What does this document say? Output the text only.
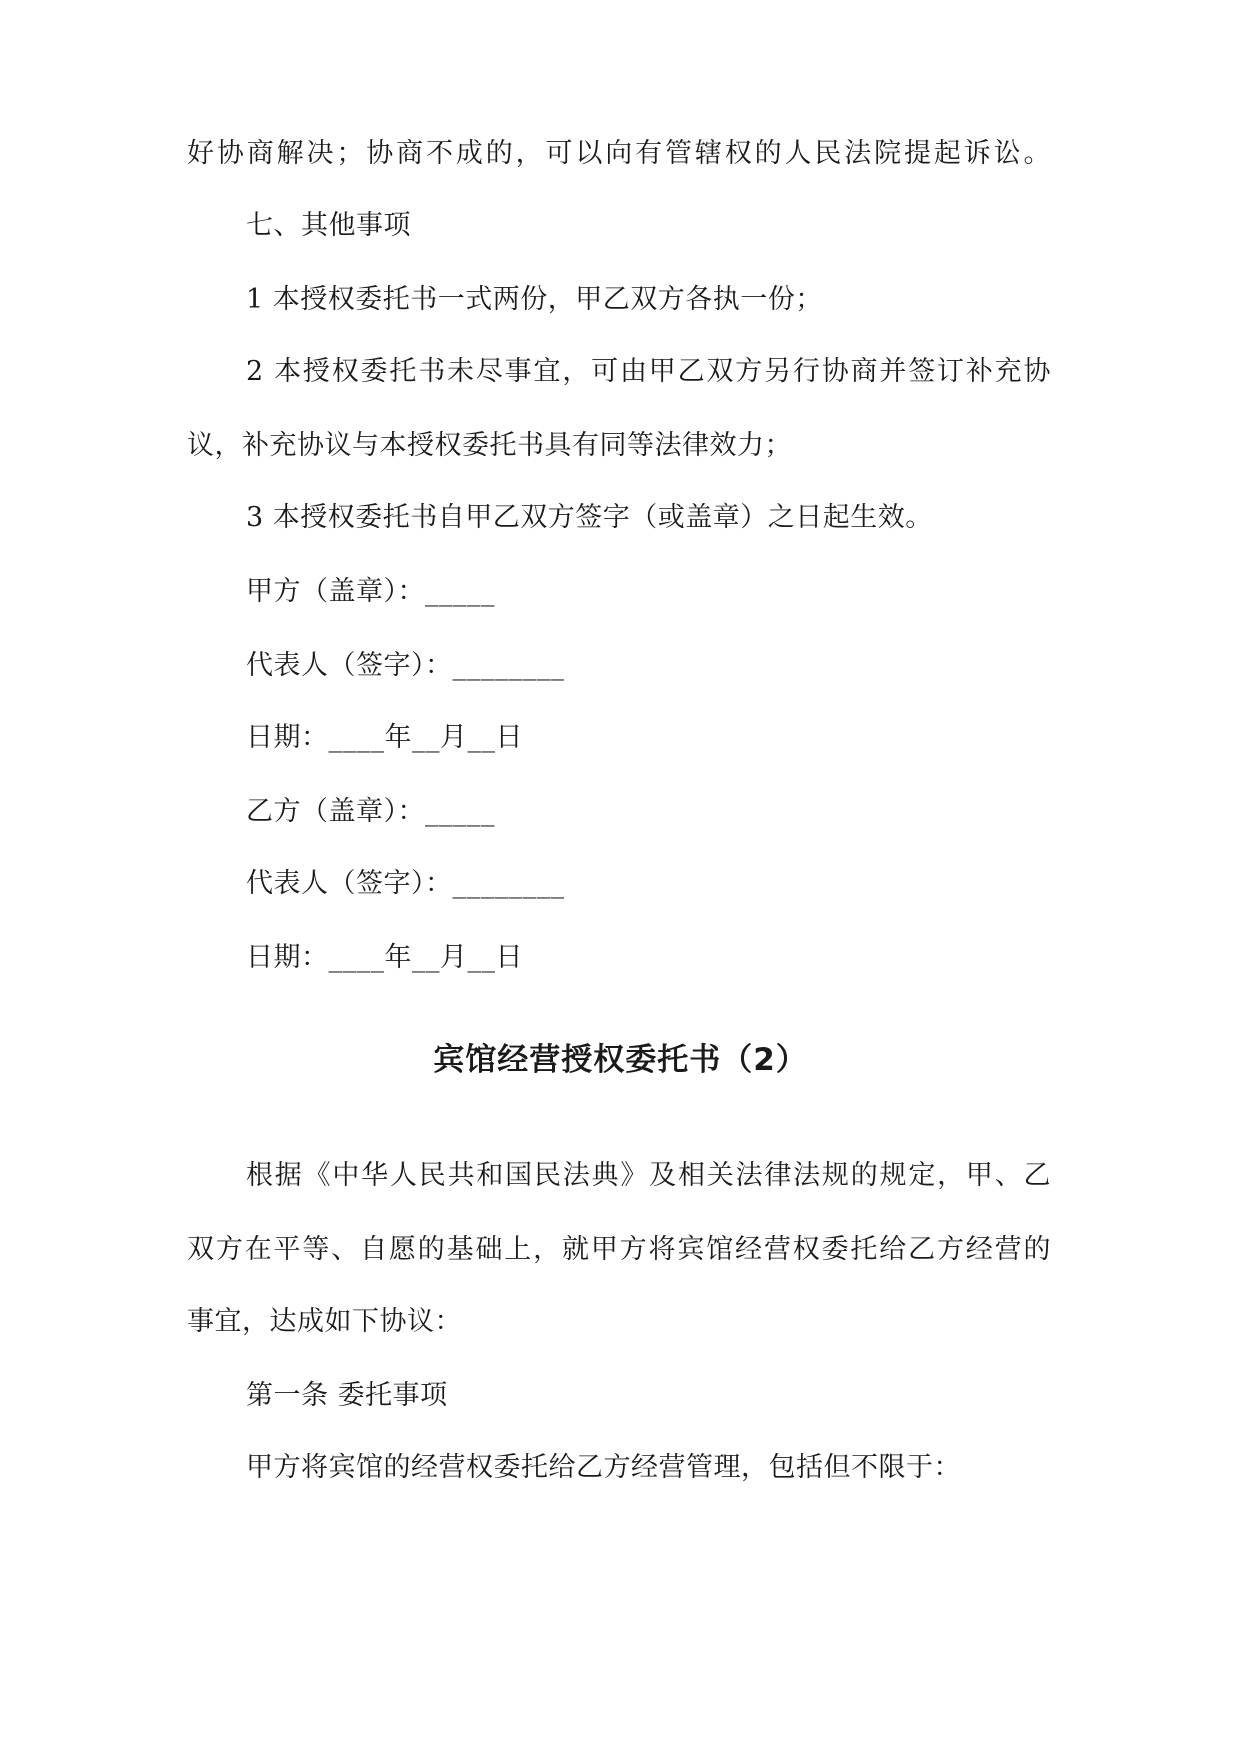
好协商解决；协商不成的，可以向有管辖权的人民法院提起诉讼。
七、其他事项
1 本授权委托书一式两份，甲乙双方各执一份；
2 本授权委托书未尽事宜，可由甲乙双方另行协商并签订补充协
议，补充协议与本授权委托书具有同等法律效力；
3 本授权委托书自甲乙双方签字（或盖章）之日起生效。
甲方（盖章）：_____
代表人（签字）：________
日期：____年__月__日
乙方（盖章）：_____
代表人（签字）：________
日期：____年__月__日
宾馆经营授权委托书（2）
根据《中华人民共和国民法典》及相关法律法规的规定，甲、乙
双方在平等、自愿的基础上，就甲方将宾馆经营权委托给乙方经营的
事宜，达成如下协议：
第一条 委托事项
甲方将宾馆的经营权委托给乙方经营管理，包括但不限于：
